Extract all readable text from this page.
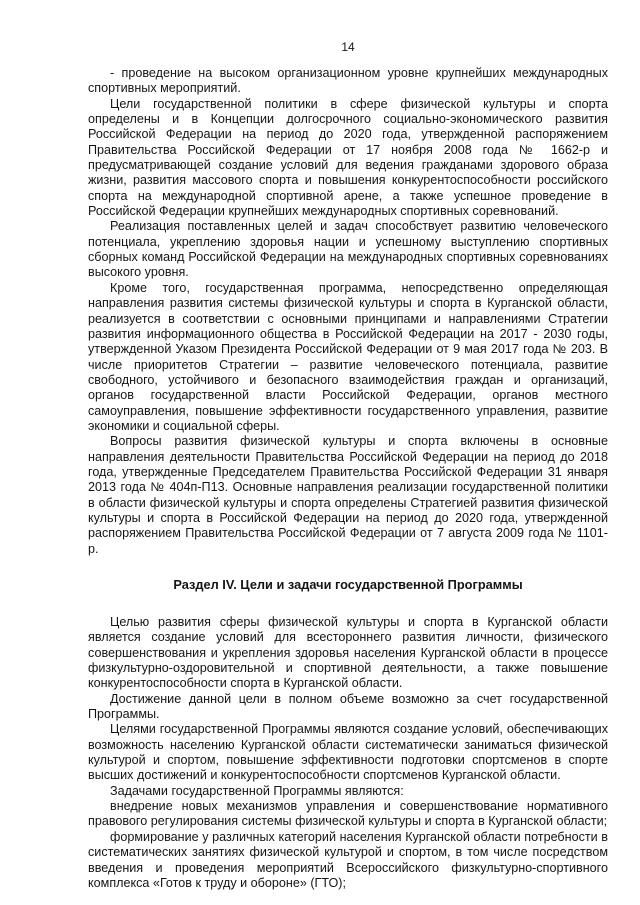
14

- проведение на высоком организационном уровне крупнейших международных спортивных мероприятий.

Цели государственной политики в сфере физической культуры и спорта определены и в Концепции долгосрочного социально-экономического развития Российской Федерации на период до 2020 года, утвержденной распоряжением Правительства Российской Федерации от 17 ноября 2008 года № 1662-р и предусматривающей создание условий для ведения гражданами здорового образа жизни, развития массового спорта и повышения конкурентоспособности российского спорта на международной спортивной арене, а также успешное проведение в Российской Федерации крупнейших международных спортивных соревнований.

Реализация поставленных целей и задач способствует развитию человеческого потенциала, укреплению здоровья нации и успешному выступлению спортивных сборных команд Российской Федерации на международных спортивных соревнованиях высокого уровня.

Кроме того, государственная программа, непосредственно определяющая направления развития системы физической культуры и спорта в Курганской области, реализуется в соответствии с основными принципами и направлениями Стратегии развития информационного общества в Российской Федерации на 2017 - 2030 годы, утвержденной Указом Президента Российской Федерации от 9 мая 2017 года № 203. В числе приоритетов Стратегии – развитие человеческого потенциала, развитие свободного, устойчивого и безопасного взаимодействия граждан и организаций, органов государственной власти Российской Федерации, органов местного самоуправления, повышение эффективности государственного управления, развитие экономики и социальной сферы.

Вопросы развития физической культуры и спорта включены в основные направления деятельности Правительства Российской Федерации на период до 2018 года, утвержденные Председателем Правительства Российской Федерации 31 января 2013 года № 404п-П13. Основные направления реализации государственной политики в области физической культуры и спорта определены Стратегией развития физической культуры и спорта в Российской Федерации на период до 2020 года, утвержденной распоряжением Правительства Российской Федерации от 7 августа 2009 года № 1101-р.

Раздел IV. Цели и задачи государственной Программы

Целью развития сферы физической культуры и спорта в Курганской области является создание условий для всестороннего развития личности, физического совершенствования и укрепления здоровья населения Курганской области в процессе физкультурно-оздоровительной и спортивной деятельности, а также повышение конкурентоспособности спорта в Курганской области.

Достижение данной цели в полном объеме возможно за счет государственной Программы.

Целями государственной Программы являются создание условий, обеспечивающих возможность населению Курганской области систематически заниматься физической культурой и спортом, повышение эффективности подготовки спортсменов в спорте высших достижений и конкурентоспособности спортсменов Курганской области.

Задачами государственной Программы являются:

внедрение новых механизмов управления и совершенствование нормативного правового регулирования системы физической культуры и спорта в Курганской области;

формирование у различных категорий населения Курганской области потребности в систематических занятиях физической культурой и спортом, в том числе посредством введения и проведения мероприятий Всероссийского физкультурно-спортивного комплекса «Готов к труду и обороне» (ГТО);
